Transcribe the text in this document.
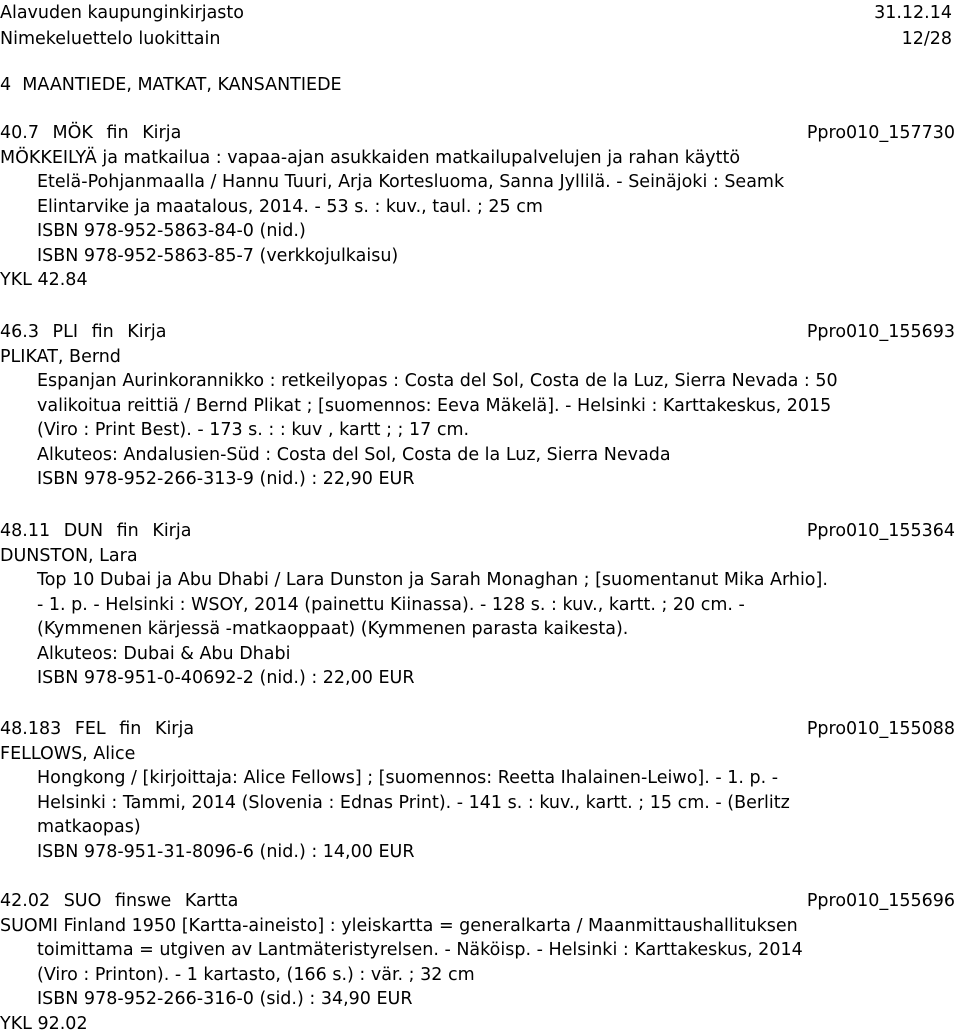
Alavuden kaupunginkirjasto	31.12.14
Nimekeluettelo luokittain	12/28
4  MAANTIEDE, MATKAT, KANSANTIEDE
40.7 MÖK fin Kirja	Ppro010_157730
MÖKKEILYÄ ja matkailua : vapaa-ajan asukkaiden matkailupalvelujen ja rahan käyttö
Etelä-Pohjanmaalla / Hannu Tuuri, Arja Kortesluoma, Sanna Jyllilä. - Seinäjoki : Seamk
Elintarvike ja maatalous, 2014. - 53 s. : kuv., taul. ; 25 cm
ISBN 978-952-5863-84-0 (nid.)
ISBN 978-952-5863-85-7 (verkkojulkaisu)
YKL 42.84
46.3 PLI fin Kirja	Ppro010_155693
PLIKAT, Bernd
Espanjan Aurinkorannikko : retkeilyopas : Costa del Sol, Costa de la Luz, Sierra Nevada : 50
valikoitua reittiä / Bernd Plikat ; [suomennos: Eeva Mäkelä]. - Helsinki : Karttakeskus, 2015
(Viro : Print Best). - 173 s. : : kuv , kartt ; ; 17 cm.
Alkuteos: Andalusien-Süd : Costa del Sol, Costa de la Luz, Sierra Nevada
ISBN 978-952-266-313-9 (nid.) : 22,90 EUR
48.11 DUN fin Kirja	Ppro010_155364
DUNSTON, Lara
Top 10 Dubai ja Abu Dhabi / Lara Dunston ja Sarah Monaghan ; [suomentanut Mika Arhio].
- 1. p. - Helsinki : WSOY, 2014 (painettu Kiinassa). - 128 s. : kuv., kartt. ; 20 cm. -
(Kymmenen kärjessä -matkaoppaat) (Kymmenen parasta kaikesta).
Alkuteos: Dubai & Abu Dhabi
ISBN 978-951-0-40692-2 (nid.) : 22,00 EUR
48.183 FEL fin Kirja	Ppro010_155088
FELLOWS, Alice
Hongkong / [kirjoittaja: Alice Fellows] ; [suomennos: Reetta Ihalainen-Leiwo]. - 1. p. -
Helsinki : Tammi, 2014 (Slovenia : Ednas Print). - 141 s. : kuv., kartt. ; 15 cm. - (Berlitz
matkaopas)
ISBN 978-951-31-8096-6 (nid.) : 14,00 EUR
42.02 SUO finswe Kartta	Ppro010_155696
SUOMI Finland 1950 [Kartta-aineisto] : yleiskartta = generalkarta / Maanmittaushallituksen
toimittama = utgiven av Lantmäteristyrelsen. - Näköisp. - Helsinki : Karttakeskus, 2014
(Viro : Printon). - 1 kartasto, (166 s.) : vär. ; 32 cm
ISBN 978-952-266-316-0 (sid.) : 34,90 EUR
YKL 92.02
